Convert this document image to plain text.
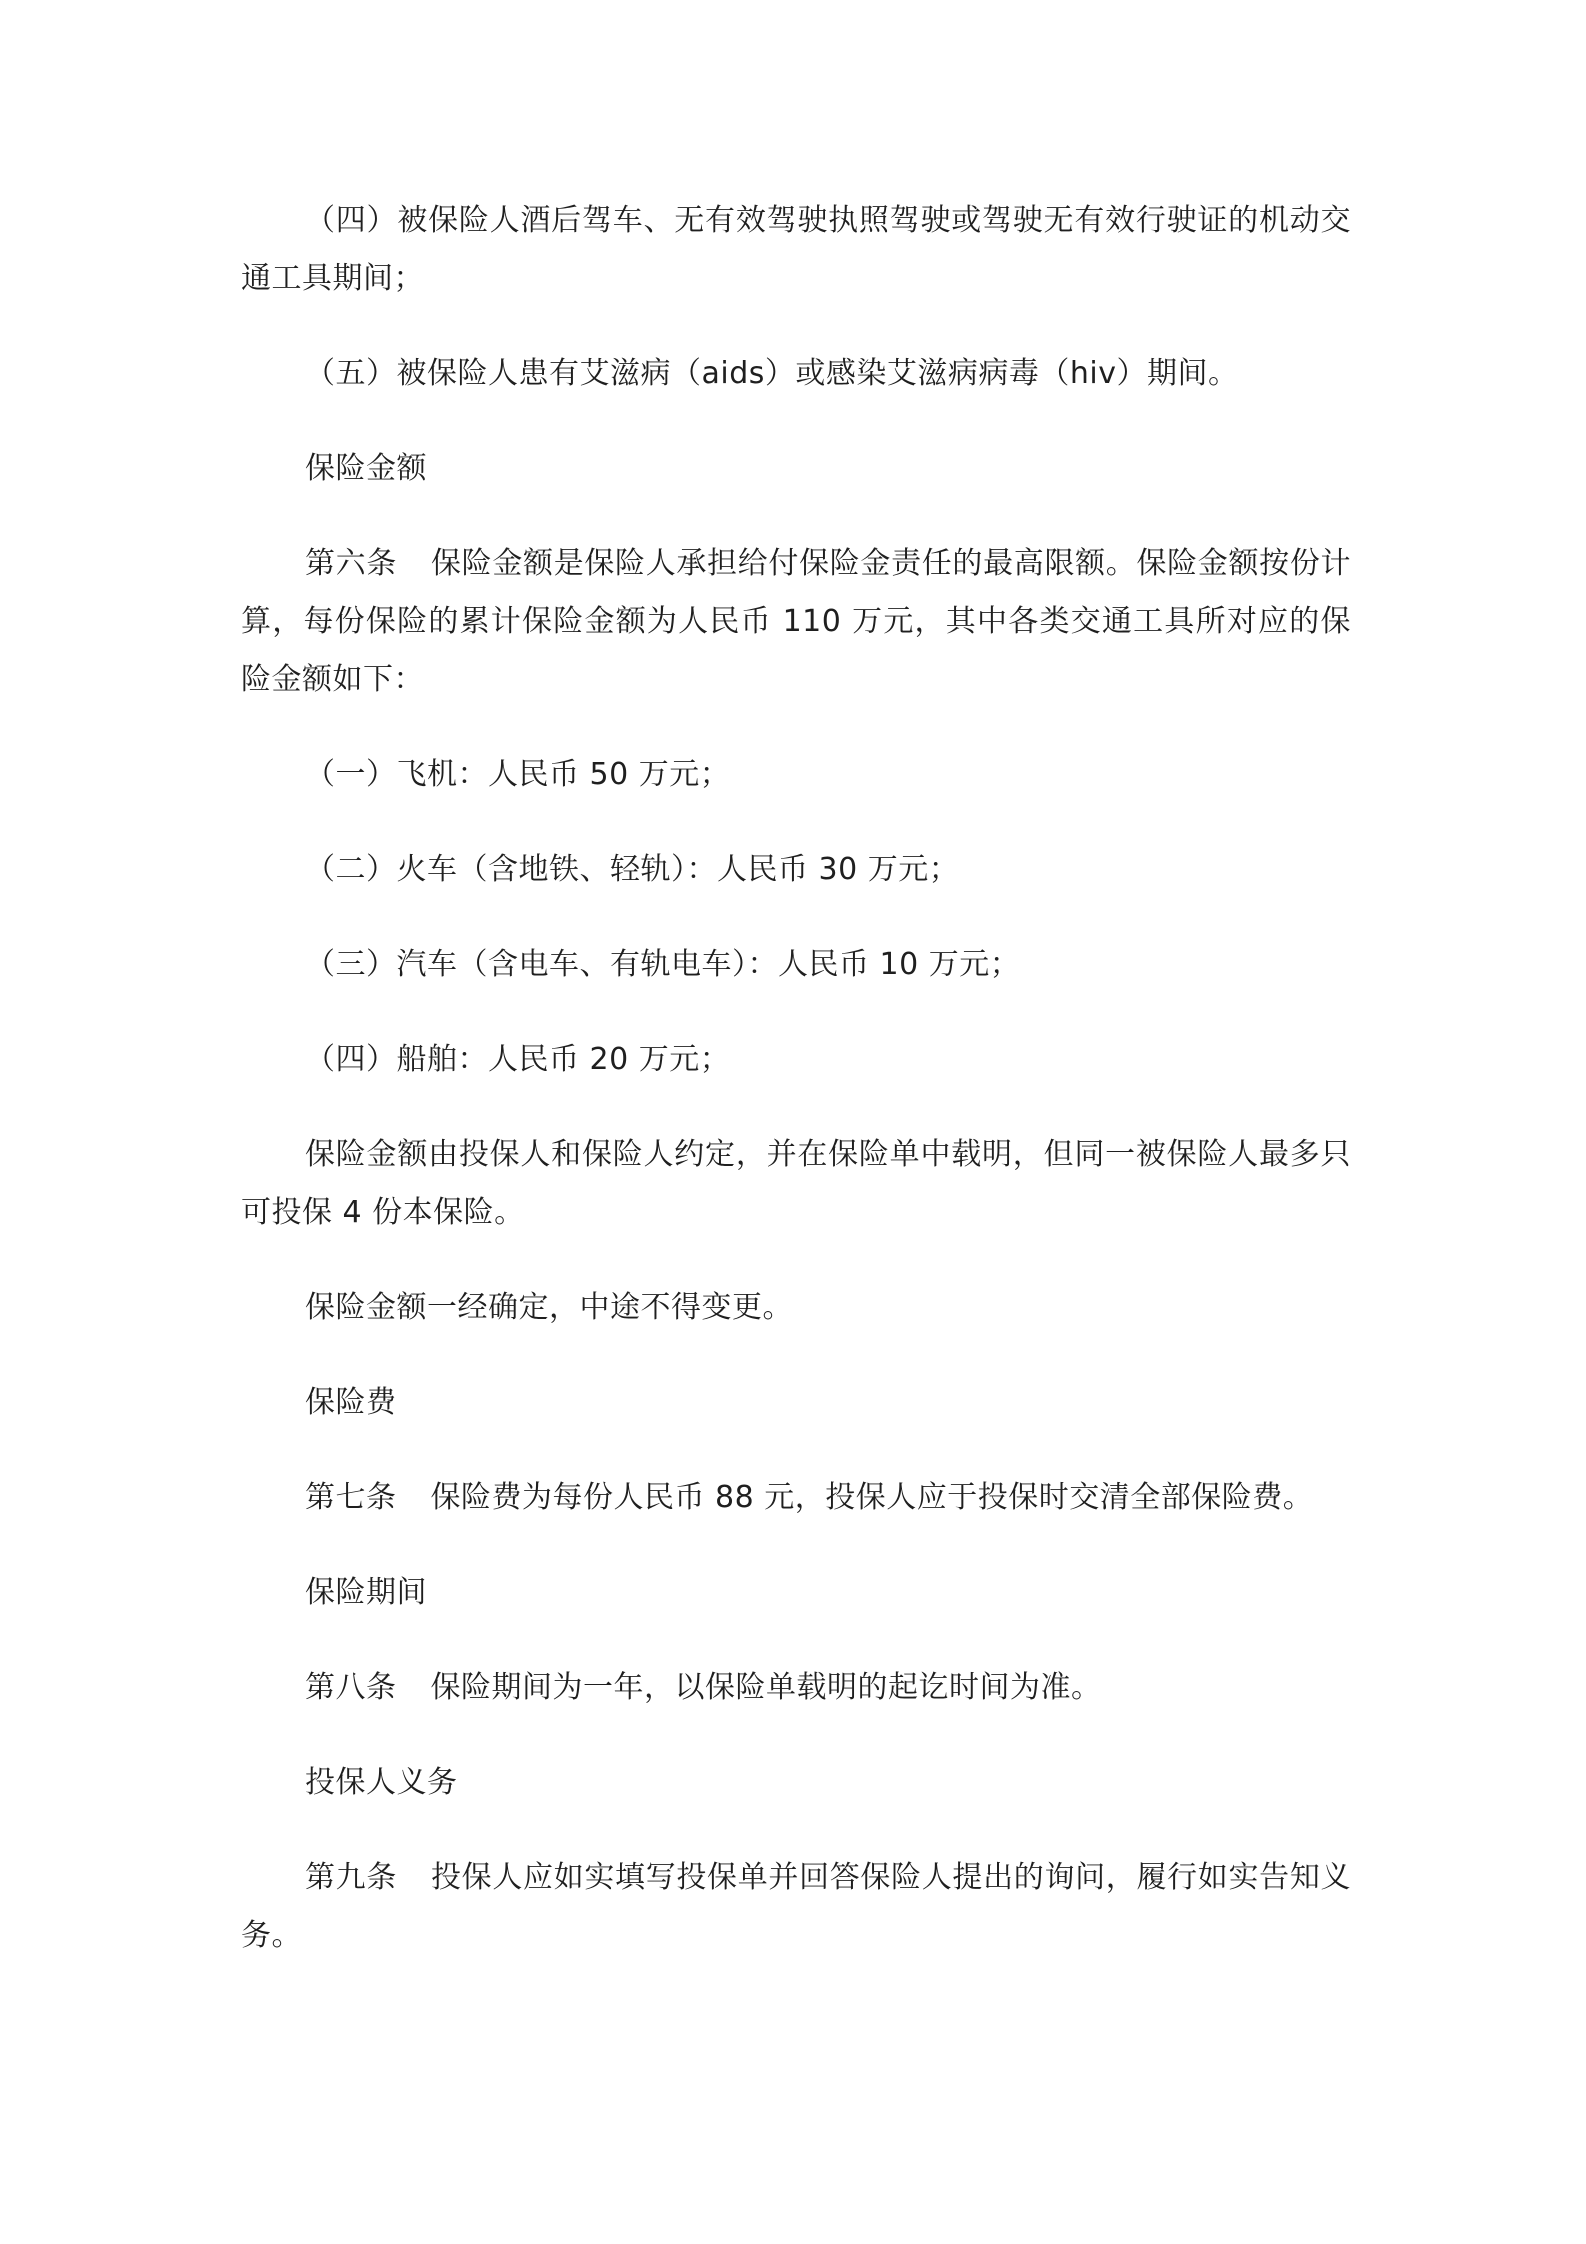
（四）被保险人酒后驾车、无有效驾驶执照驾驶或驾驶无有效行驶证的机动交通工具期间；

（五）被保险人患有艾滋病（aids）或感染艾滋病病毒（hiv）期间。

保险金额

第六条 保险金额是保险人承担给付保险金责任的最高限额。保险金额按份计算，每份保险的累计保险金额为人民币 110 万元，其中各类交通工具所对应的保险金额如下：

（一）飞机：人民币 50 万元；

（二）火车（含地铁、轻轨）：人民币 30 万元；

（三）汽车（含电车、有轨电车）：人民币 10 万元；

（四）船舶：人民币 20 万元；

保险金额由投保人和保险人约定，并在保险单中载明，但同一被保险人最多只可投保 4 份本保险。

保险金额一经确定，中途不得变更。

保险费

第七条 保险费为每份人民币 88 元，投保人应于投保时交清全部保险费。

保险期间

第八条 保险期间为一年，以保险单载明的起讫时间为准。

投保人义务

第九条 投保人应如实填写投保单并回答保险人提出的询问，履行如实告知义务。
